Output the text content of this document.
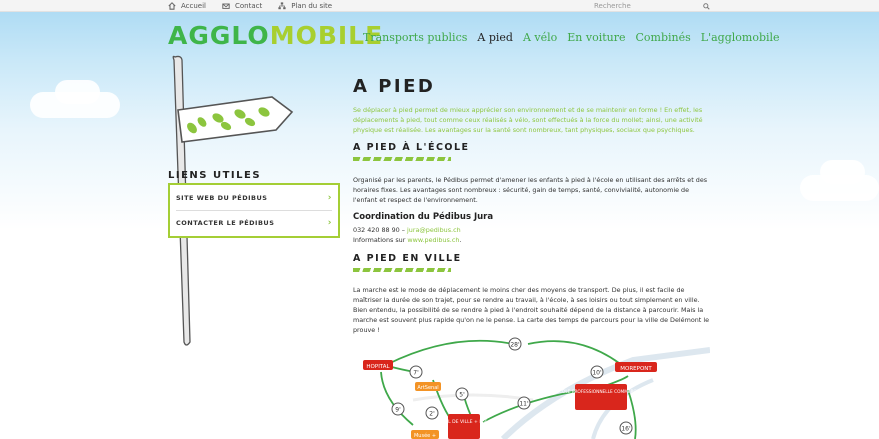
Accueil	Contact	Plan du site
Recherche
AGGLOMOBILE
Transports publics A pied A vélo En voiture Combinés L'agglomobile
LIENS UTILES
SITE WEB DU PÉDIBUS	›
CONTACTER LE PÉDIBUS	›
A PIED
Se déplacer à pied permet de mieux apprécier son environnement et de se maintenir en forme ! En effet, les déplacements à pied, tout comme ceux réalisés à vélo, sont effectués à la force du mollet; ainsi, une activité physique est réalisée. Les avantages sur la santé sont nombreux, tant physiques, sociaux que psychiques.
A PIED À L'ÉCOLE
Organisé par les parents, le Pédibus permet d'amener les enfants à pied à l'école en utilisant des arrêts et des horaires fixes. Les avantages sont nombreux : sécurité, gain de temps, santé, convivialité, autonomie de l'enfant et respect de l'environnement.
Coordination du Pédibus Jura
032 420 88 90 – jura@pedibus.ch
Informations sur www.pedibus.ch.
A PIED EN VILLE
La marche est le mode de déplacement le moins cher des moyens de transport. De plus, il est facile de maîtriser la durée de son trajet, pour se rendre au travail, à l'école, à ses loisirs ou tout simplement en ville. Bien entendu, la possibilité de se rendre à pied à l'endroit souhaité dépend de la distance à parcourir. Mais la marche est souvent plus rapide qu'on ne le pense. La carte des temps de parcours pour la ville de Delémont le prouve !
HOPITAL
ArtSenal
HÔTEL DE VILLE + Police
Musée +
ECOLE PROFESSIONNELLE COMMERCIALE
MOREPONT
28'
7'
5'
2'
9'
11'
10'
16'
